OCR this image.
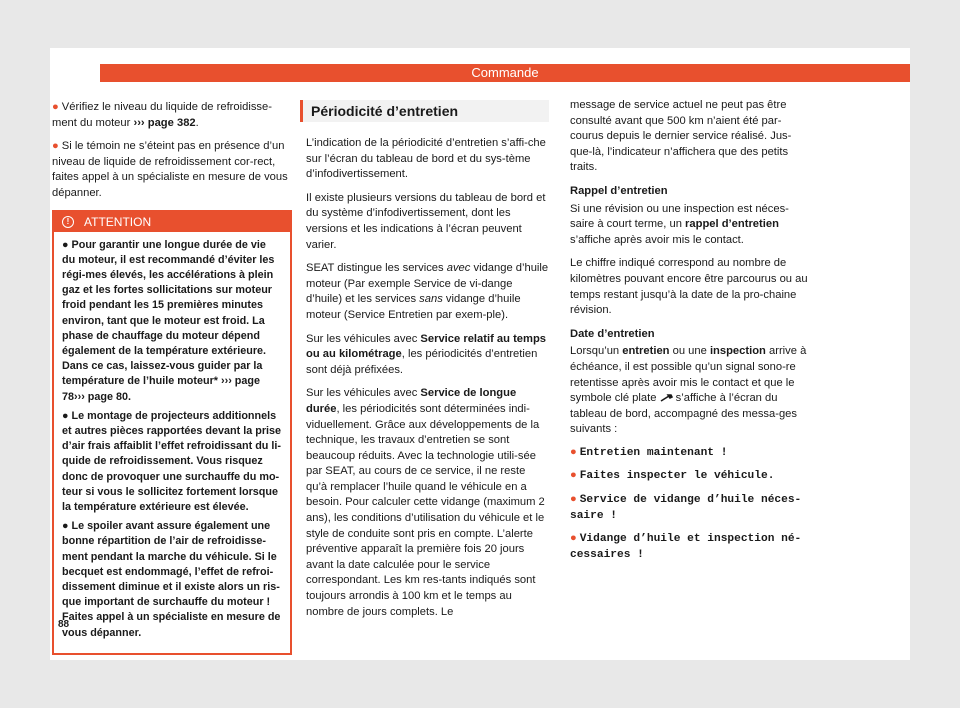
Commande

● Vérifiez le niveau du liquide de refroidisse-ment du moteur ››› page 382.

● Si le témoin ne s’éteint pas en présence d’un niveau de liquide de refroidissement cor-rect, faites appel à un spécialiste en mesure de vous dépanner.

!	ATTENTION

● Pour garantir une longue durée de vie du moteur, il est recommandé d’éviter les régi-mes élevés, les accélérations à plein gaz et les fortes sollicitations sur moteur froid pendant les 15 premières minutes environ, tant que le moteur est froid. La phase de chauffage du moteur dépend également de la température extérieure. Dans ce cas, laissez-vous guider par la température de l’huile moteur* ››› page 78››› page 80.

● Le montage de projecteurs additionnels et autres pièces rapportées devant la prise d’air frais affaiblit l’effet refroidissant du li-quide de refroidissement. Vous risquez donc de provoquer une surchauffe du mo-teur si vous le sollicitez fortement lorsque la température extérieure est élevée.

● Le spoiler avant assure également une bonne répartition de l’air de refroidisse-ment pendant la marche du véhicule. Si le becquet est endommagé, l’effet de refroi-dissement diminue et il existe alors un ris-que important de surchauffe du moteur ! Faites appel à un spécialiste en mesure de vous dépanner.

Périodicité d’entretien

L’indication de la périodicité d’entretien s’affi-che sur l’écran du tableau de bord et du sys-tème d’infodivertissement.

Il existe plusieurs versions du tableau de bord et du système d’infodivertissement, dont les versions et les indications à l’écran peuvent varier.

SEAT distingue les services avec vidange d’huile moteur (Par exemple Service de vi-dange d’huile) et les services sans vidange d’huile moteur (Service Entretien par exem-ple).

Sur les véhicules avec Service relatif au temps ou au kilométrage, les périodicités d’entretien sont déjà préfixées.

Sur les véhicules avec Service de longue durée, les périodicités sont déterminées indi-viduellement. Grâce aux développements de la technique, les travaux d’entretien se sont beaucoup réduits. Avec la technologie utili-sée par SEAT, au cours de ce service, il ne reste qu’à remplacer l’huile quand le véhicule en a besoin. Pour calculer cette vidange (maximum 2 ans), les conditions d’utilisation du véhicule et le style de conduite sont pris en compte. L’alerte préventive apparaît la première fois 20 jours avant la date calculée pour le service correspondant. Les km res-tants indiqués sont toujours arrondis à 100 km et le temps au nombre de jours complets. Le

message de service actuel ne peut pas être consulté avant que 500 km n’aient été par-courus depuis le dernier service réalisé. Jus-que-là, l’indicateur n’affichera que des petits traits.

Rappel d’entretien

Si une révision ou une inspection est néces-saire à court terme, un rappel d’entretien s’affiche après avoir mis le contact.

Le chiffre indiqué correspond au nombre de kilomètres pouvant encore être parcourus ou au temps restant jusqu’à la date de la pro-chaine révision.

Date d’entretien

Lorsqu’un entretien ou une inspection arrive à échéance, il est possible qu’un signal sono-re retentisse après avoir mis le contact et que le symbole clé plate  s’affiche à l’écran du tableau de bord, accompagné des messa-ges suivants :

● Entretien maintenant !

● Faites inspecter le véhicule.

● Service de vidange d’huile néces-saire !

● Vidange d’huile et inspection né-cessaires !

88
